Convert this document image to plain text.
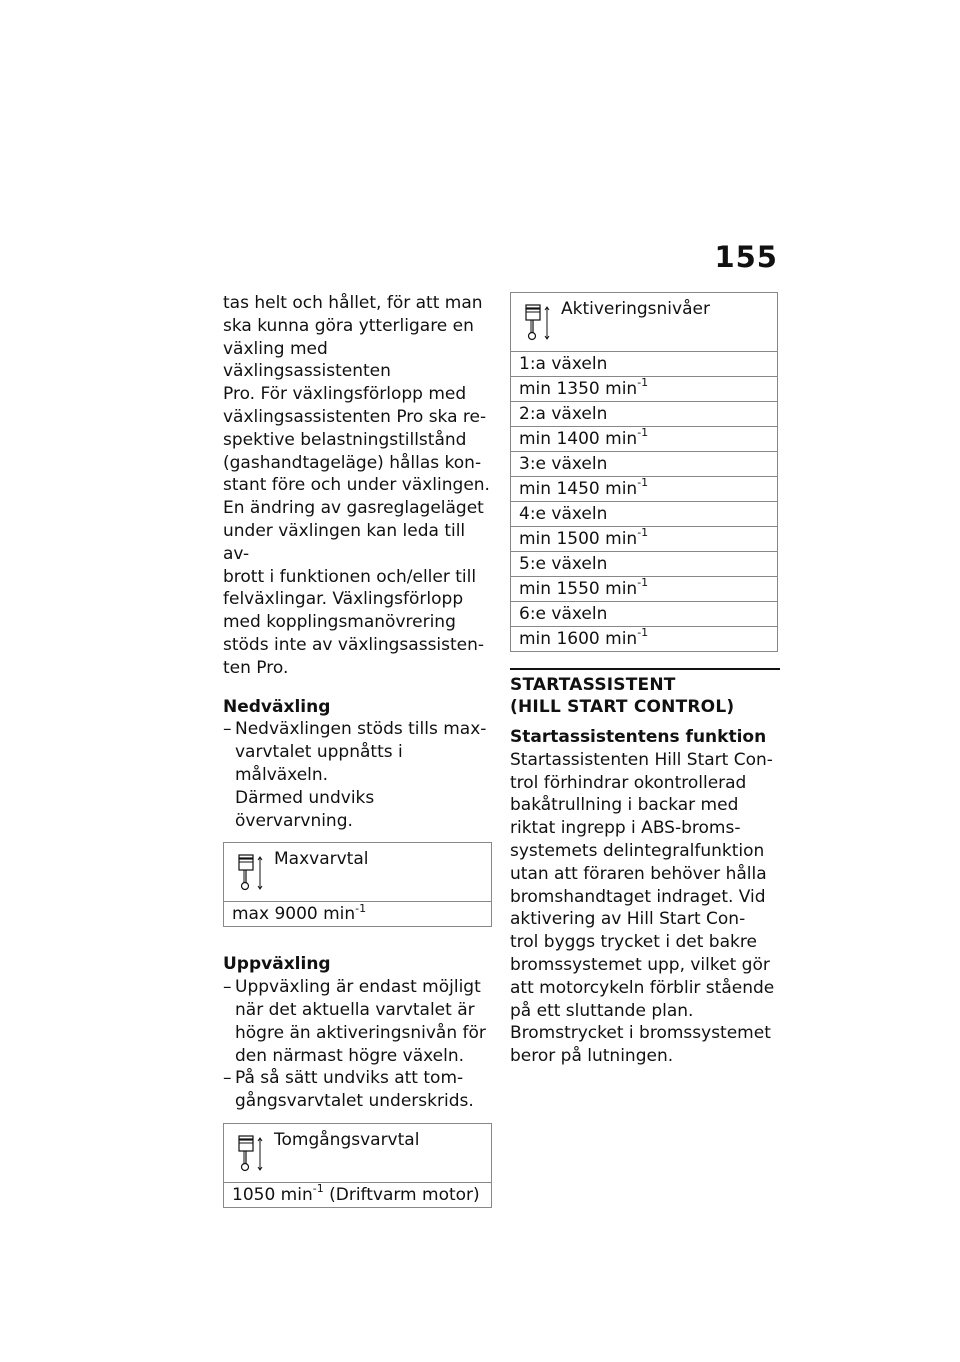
155

tas helt och hållet, för att man

ska kunna göra ytterligare en

växling med växlingsassistenten

Pro. För växlingsförlopp med

växlingsassistenten Pro ska re-

spektive belastningstillstånd

(gashandtageläge) hållas kon-

stant före och under växlingen.

En ändring av gasreglageläget

under växlingen kan leda till av-

brott i funktionen och/eller till

felväxlingar. Växlingsförlopp

med kopplingsmanövrering

stöds inte av växlingsassisten-

ten Pro.

Nedväxling

– Nedväxlingen stöds tills max-
varvtalet uppnåtts i målväxeln.
Därmed undviks övervarvning.
Maxvarvtal
max 9000 $\min^{-1}$

Uppväxling

– Uppväxling är endast möjligt
när det aktuella varvtalet är
högre än aktiveringsnivån för
den närmast högre växeln.
– På så sätt undviks att tom-
gångsvarvtalet underskrids.
Tomgångsvarvtal
1050 $\min^{-1}$ (Driftvarm motor)
Aktiveringsnivåer
1:a växeln
min 1350 $\min^{-1}$
2:a växeln
min 1400 $\min^{-1}$
3:e växeln
min 1450 $\min^{-1}$
4:e växeln
min 1500 $\min^{-1}$
5:e växeln
min 1550 $\min^{-1}$
6:e växeln
min 1600 $\min^{-1}$

STARTASSISTENT

(HILL START CONTROL)

Startassistentens funktion

Startassistenten Hill Start Con-

trol förhindrar okontrollerad

bakåtrullning i backar med

riktat ingrepp i ABS-broms-

systemets delintegralfunktion

utan att föraren behöver hålla

bromshandtaget indraget. Vid

aktivering av Hill Start Con-

trol byggs trycket i det bakre

bromssystemet upp, vilket gör

att motorcykeln förblir stående

på ett sluttande plan.

Bromstrycket i bromssystemet

beror på lutningen.
